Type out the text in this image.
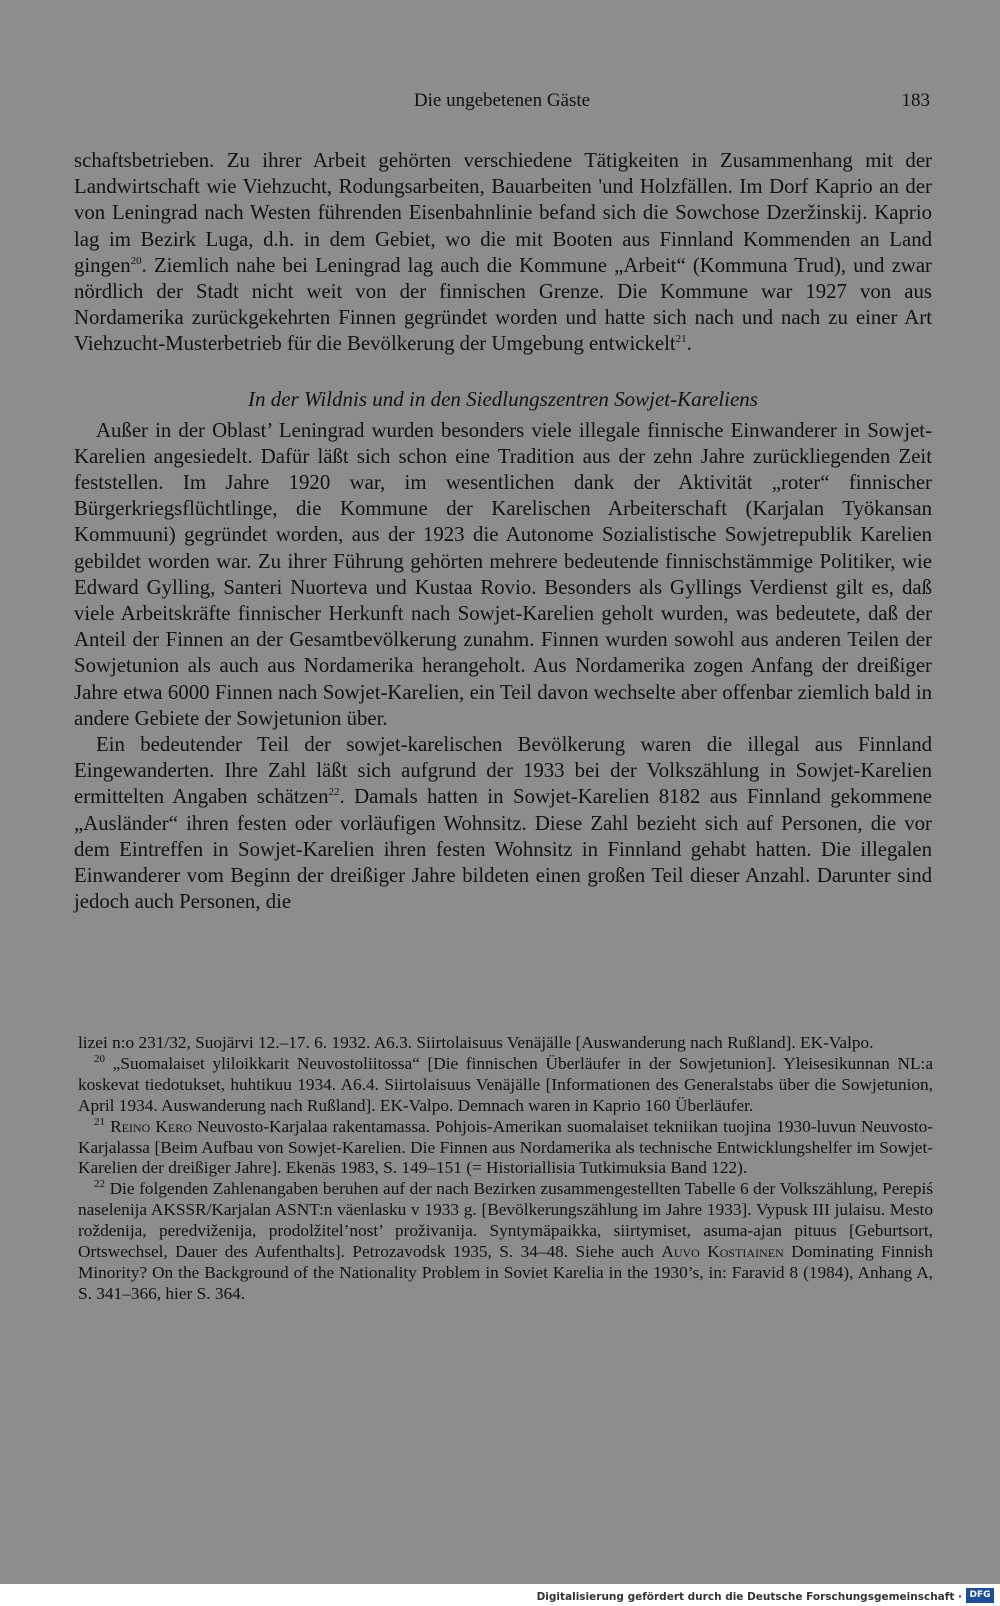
Die ungebetenen Gäste	183

schaftsbetrieben. Zu ihrer Arbeit gehörten verschiedene Tätigkeiten in Zusammenhang mit der Landwirtschaft wie Viehzucht, Rodungsarbeiten, Bauarbeiten 'und Holzfällen. Im Dorf Kaprio an der von Leningrad nach Westen führenden Eisenbahnlinie befand sich die Sowchose Dzeržinskij. Kaprio lag im Bezirk Luga, d.h. in dem Gebiet, wo die mit Booten aus Finnland Kommenden an Land gingen$^{20}$. Ziemlich nahe bei Leningrad lag auch die Kommune „Arbeit“ (Kommuna Trud), und zwar nördlich der Stadt nicht weit von der finnischen Grenze. Die Kommune war 1927 von aus Nordamerika zurückgekehrten Finnen gegründet worden und hatte sich nach und nach zu einer Art Viehzucht-Musterbetrieb für die Bevölkerung der Umgebung entwickelt$^{21}$.

In der Wildnis und in den Siedlungszentren Sowjet-Kareliens

Außer in der Oblast’ Leningrad wurden besonders viele illegale finnische Einwanderer in Sowjet-Karelien angesiedelt. Dafür läßt sich schon eine Tradition aus der zehn Jahre zurückliegenden Zeit feststellen. Im Jahre 1920 war, im wesentlichen dank der Aktivität „roter“ finnischer Bürgerkriegsflüchtlinge, die Kommune der Karelischen Arbeiterschaft (Karjalan Työkansan Kommuuni) gegründet worden, aus der 1923 die Autonome Sozialistische Sowjetrepublik Karelien gebildet worden war. Zu ihrer Führung gehörten mehrere bedeutende finnischstämmige Politiker, wie Edward Gylling, Santeri Nuorteva und Kustaa Rovio. Besonders als Gyllings Verdienst gilt es, daß viele Arbeitskräfte finnischer Herkunft nach Sowjet-Karelien geholt wurden, was bedeutete, daß der Anteil der Finnen an der Gesamtbevölkerung zunahm. Finnen wurden sowohl aus anderen Teilen der Sowjetunion als auch aus Nordamerika herangeholt. Aus Nordamerika zogen Anfang der dreißiger Jahre etwa 6000 Finnen nach Sowjet-Karelien, ein Teil davon wechselte aber offenbar ziemlich bald in andere Gebiete der Sowjetunion über.

Ein bedeutender Teil der sowjet-karelischen Bevölkerung waren die illegal aus Finnland Eingewanderten. Ihre Zahl läßt sich aufgrund der 1933 bei der Volkszählung in Sowjet-Karelien ermittelten Angaben schätzen$^{22}$. Damals hatten in Sowjet-Karelien 8182 aus Finnland gekommene „Ausländer“ ihren festen oder vorläufigen Wohnsitz. Diese Zahl bezieht sich auf Personen, die vor dem Eintreffen in Sowjet-Karelien ihren festen Wohnsitz in Finnland gehabt hatten. Die illegalen Einwanderer vom Beginn der dreißiger Jahre bildeten einen großen Teil dieser Anzahl. Darunter sind jedoch auch Personen, die

lizei n:o 231/32, Suojärvi 12.–17. 6. 1932. A6.3. Siirtolaisuus Venäjälle [Auswanderung nach Rußland]. EK-Valpo.

$^{20}$ „Suomalaiset yliloikkarit Neuvostoliitossa“ [Die finnischen Überläufer in der Sowjetunion]. Yleisesikunnan NL:a koskevat tiedotukset, huhtikuu 1934. A6.4. Siirtolaisuus Venäjälle [Informationen des Generalstabs über die Sowjetunion, April 1934. Auswanderung nach Rußland]. EK-Valpo. Demnach waren in Kaprio 160 Überläufer.

$^{21}$ Reino Kero Neuvosto-Karjalaa rakentamassa. Pohjois-Amerikan suomalaiset tekniikan tuojina 1930-luvun Neuvosto-Karjalassa [Beim Aufbau von Sowjet-Karelien. Die Finnen aus Nordamerika als technische Entwicklungshelfer im Sowjet-Karelien der dreißiger Jahre]. Ekenäs 1983, S. 149–151 (= Historiallisia Tutkimuksia Band 122).

$^{22}$ Die folgenden Zahlenangaben beruhen auf der nach Bezirken zusammengestellten Tabelle 6 der Volkszählung, Perepiś naselenija AKSSR/Karjalan ASNT:n väenlasku v 1933 g. [Bevölkerungszählung im Jahre 1933]. Vypusk III julaisu. Mesto roždenija, peredviženija, prodolžitel’nost’ proživanija. Syntymäpaikka, siirtymiset, asuma-ajan pituus [Geburtsort, Ortswechsel, Dauer des Aufenthalts]. Petrozavodsk 1935, S. 34–48. Siehe auch Auvo Kostiainen Dominating Finnish Minority? On the Background of the Nationality Problem in Soviet Karelia in the 1930’s, in: Faravid 8 (1984), Anhang A, S. 341–366, hier S. 364.

Digitalisierung gefördert durch die Deutsche Forschungsgemeinschaft · DFG
